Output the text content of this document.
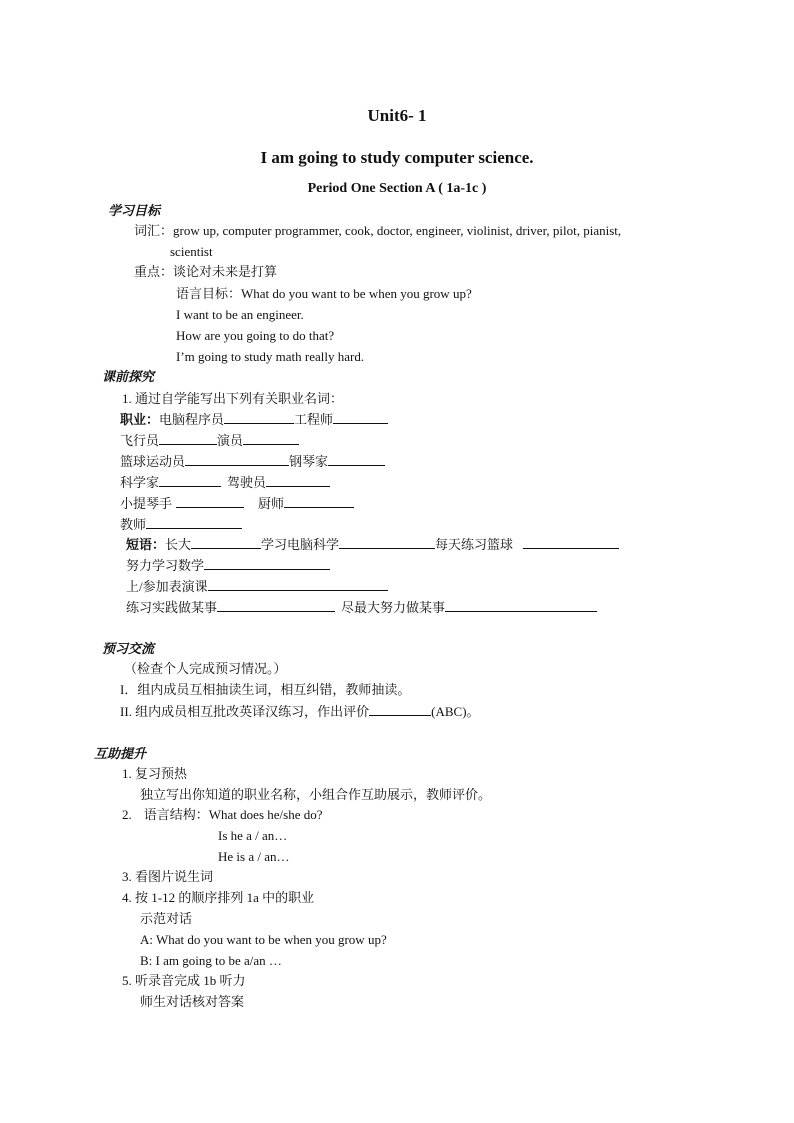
Unit6- 1
I am going to study computer science.
Period One Section A ( 1a-1c )
学习目标
词汇：grow up, computer programmer, cook, doctor, engineer, violinist, driver, pilot, pianist,
scientist
重点：谈论对未来是打算
语言目标：What do you want to be when you grow up?
I want to be an engineer.
How are you going to do that?
I’m going to study math really hard.
课前探究
1. 通过自学能写出下列有关职业名词：
职业：电脑程序员	工程师
飞行员	演员
篮球运动员	钢琴家
科学家	驾驶员
小提琴手	厨师
教师
短语：长大	学习电脑科学	每天练习篮球
努力学习数学
上/参加表演课
练习实践做某事	尽最大努力做某事
预习交流
（检查个人完成预习情况。）
I．组内成员互相抽读生词，相互纠错，教师抽读。
II. 组内成员相互批改英译汉练习，作出评价	(ABC)。
互助提升
1. 复习预热
独立写出你知道的职业名称，小组合作互助展示，教师评价。
2. 语言结构：What does he/she do?
Is he a / an…
He is a / an…
3. 看图片说生词
4. 按 1-12 的顺序排列 1a 中的职业
示范对话
A: What do you want to be when you grow up?
B: I am going to be a/an …
5. 听录音完成 1b 听力
师生对话核对答案
